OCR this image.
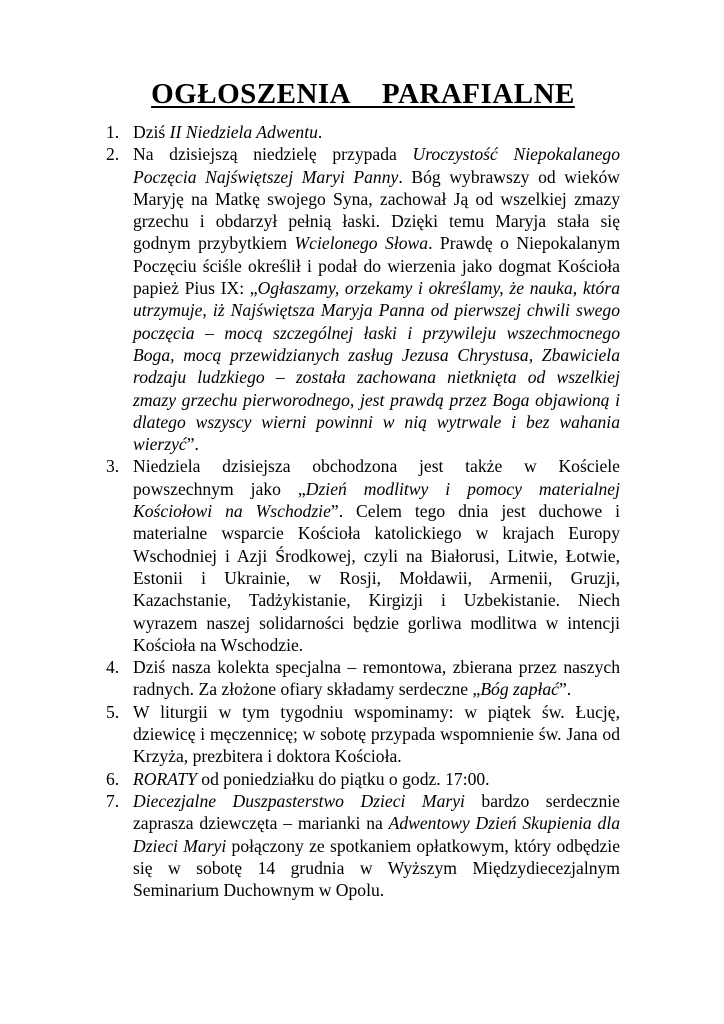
OGŁOSZENIA PARAFIALNE
1. Dziś II Niedziela Adwentu.
2. Na dzisiejszą niedzielę przypada Uroczystość Niepokalanego Poczęcia Najświętszej Maryi Panny. Bóg wybrawszy od wieków Maryję na Matkę swojego Syna, zachował Ją od wszelkiej zmazy grzechu i obdarzył pełnią łaski. Dzięki temu Maryja stała się godnym przybytkiem Wcielonego Słowa. Prawdę o Niepokalanym Poczęciu ściśle określił i podał do wierzenia jako dogmat Kościoła papież Pius IX: „Ogłaszamy, orzekamy i określamy, że nauka, która utrzymuje, iż Najświętsza Maryja Panna od pierwszej chwili swego poczęcia – mocą szczególnej łaski i przywileju wszechmocnego Boga, mocą przewidzianych zasług Jezusa Chrystusa, Zbawiciela rodzaju ludzkiego – została zachowana nietknięta od wszelkiej zmazy grzechu pierworodnego, jest prawdą przez Boga objawioną i dlatego wszyscy wierni powinni w nią wytrwale i bez wahania wierzyć”.
3. Niedziela dzisiejsza obchodzona jest także w Kościele powszechnym jako „Dzień modlitwy i pomocy materialnej Kościołowi na Wschodzie”. Celem tego dnia jest duchowe i materialne wsparcie Kościoła katolickiego w krajach Europy Wschodniej i Azji Środkowej, czyli na Białorusi, Litwie, Łotwie, Estonii i Ukrainie, w Rosji, Mołdawii, Armenii, Gruzji, Kazachstanie, Tadżykistanie, Kirgizji i Uzbekistanie. Niech wyrazem naszej solidarności będzie gorliwa modlitwa w intencji Kościoła na Wschodzie.
4. Dziś nasza kolekta specjalna – remontowa, zbierana przez naszych radnych. Za złożone ofiary składamy serdeczne „Bóg zapłać”.
5. W liturgii w tym tygodniu wspominamy: w piątek św. Łucję, dziewicę i męczennicę; w sobotę przypada wspomnienie św. Jana od Krzyża, prezbitera i doktora Kościoła.
6. RORATY od poniedziałku do piątku o godz. 17:00.
7. Diecezjalne Duszpasterstwo Dzieci Maryi bardzo serdecznie zaprasza dziewczęta – marianki na Adwentowy Dzień Skupienia dla Dzieci Maryi połączony ze spotkaniem opłatkowym, który odbędzie się w sobotę 14 grudnia w Wyższym Międzydiecezjalnym Seminarium Duchownym w Opolu.
